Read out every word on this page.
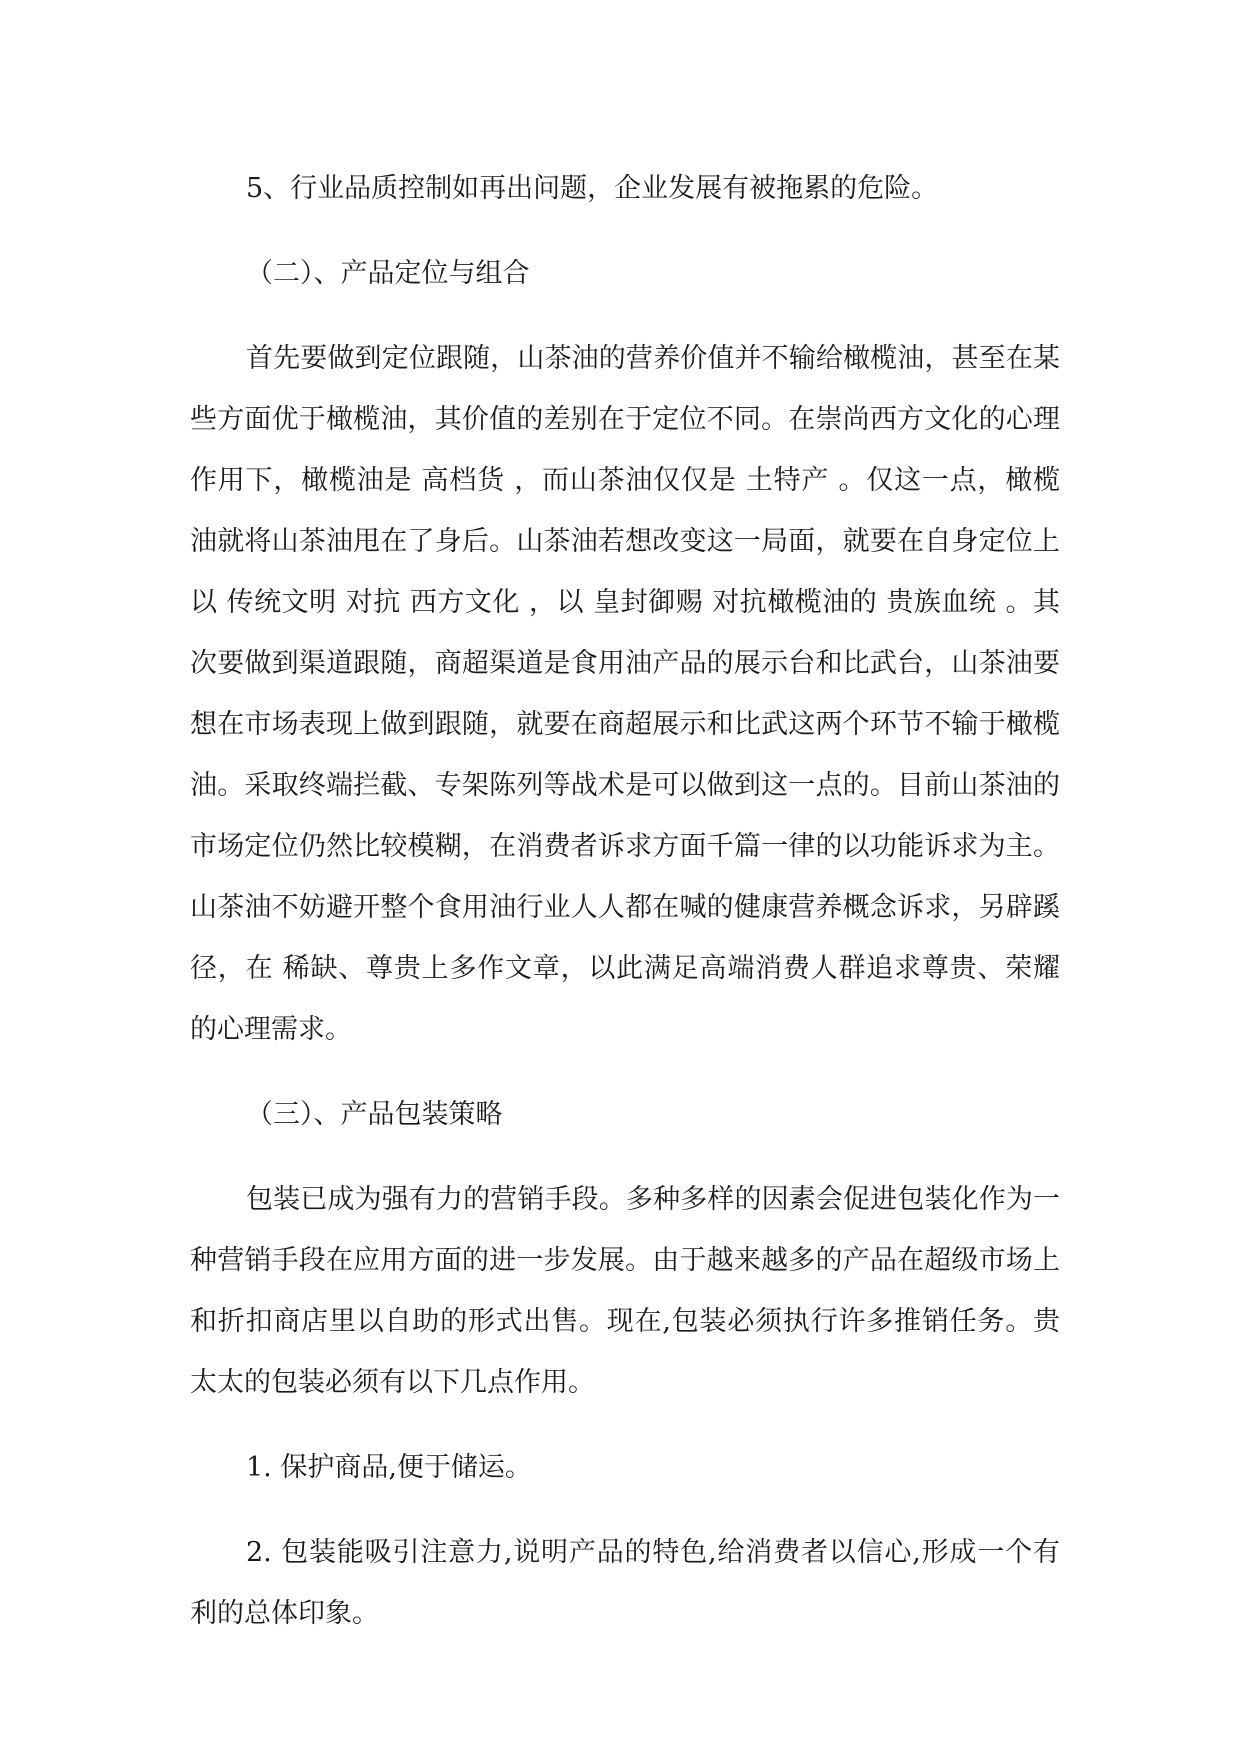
5、行业品质控制如再出问题，企业发展有被拖累的危险。

（二）、产品定位与组合

首先要做到定位跟随，山茶油的营养价值并不输给橄榄油，甚至在某些方面优于橄榄油，其价值的差别在于定位不同。在崇尚西方文化的心理作用下，橄榄油是 高档货 ，而山茶油仅仅是 土特产 。仅这一点，橄榄油就将山茶油甩在了身后。山茶油若想改变这一局面，就要在自身定位上以 传统文明 对抗 西方文化 ，以 皇封御赐 对抗橄榄油的 贵族血统 。其次要做到渠道跟随，商超渠道是食用油产品的展示台和比武台，山茶油要想在市场表现上做到跟随，就要在商超展示和比武这两个环节不输于橄榄油。采取终端拦截、专架陈列等战术是可以做到这一点的。目前山茶油的市场定位仍然比较模糊，在消费者诉求方面千篇一律的以功能诉求为主。山茶油不妨避开整个食用油行业人人都在喊的健康营养概念诉求，另辟蹊径，在 稀缺、尊贵上多作文章，以此满足高端消费人群追求尊贵、荣耀的心理需求。

（三）、产品包装策略

包装已成为强有力的营销手段。多种多样的因素会促进包装化作为一种营销手段在应用方面的进一步发展。由于越来越多的产品在超级市场上和折扣商店里以自助的形式出售。现在,包装必须执行许多推销任务。贵太太的包装必须有以下几点作用。

1. 保护商品,便于储运。

2. 包装能吸引注意力,说明产品的特色,给消费者以信心,形成一个有利的总体印象。
